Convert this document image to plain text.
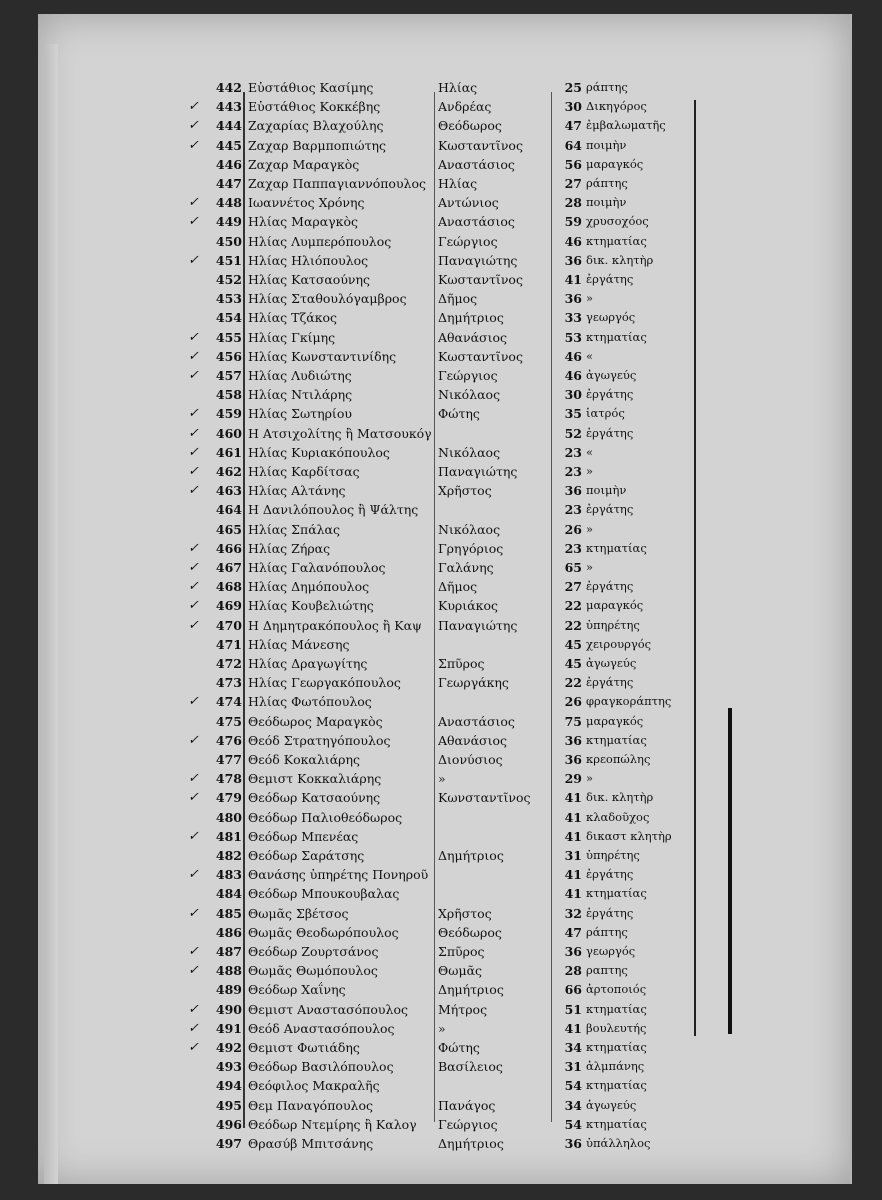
442 Εὐστάθιος Κασίμης	Ηλίας	25 ράπτης
✓	443 Εὐστάθιος Κοκκέβης	Ανδρέας	30 Δικηγόρος
✓	444 Ζαχαρίας Βλαχούλης	Θεόδωρος	47 ἐμβαλωματῆς
✓	445 Ζαχαρ Βαρμποπιώτης	Κωσταντῖνος	64 ποιμὴν
446 Ζαχαρ Μαραγκὸς	Αναστάσιος	56 μαραγκός
447 Ζαχαρ Παππαγιαννόπουλος Ηλίας	27 ράπτης
✓	448 Ιωαννέτος Χρόνης	Αντώνιος	28 ποιμὴν
✓	449 Ηλίας Μαραγκὸς	Αναστάσιος	59 χρυσοχόος
450 Ηλίας Λυμπερόπουλος	Γεώργιος	46 κτηματίας
✓	451 Ηλίας Ηλιόπουλος	Παναγιώτης	36 δικ. κλητὴρ
452 Ηλίας Κατσαούνης	Κωσταντῖνος	41 ἐργάτης
453 Ηλίας Σταθουλόγαμβρος	Δῆμος	36 »
454 Ηλίας Τζάκος	Δημήτριος	33 γεωργός
✓	455 Ηλίας Γκίμης	Αθανάσιος	53 κτηματίας
✓	456 Ηλίας Κωνσταντινίδης	Κωσταντῖνος	46 «
✓	457 Ηλίας Λυδιώτης	Γεώργιος	46 ἀγωγεύς
458 Ηλίας Ντιλάρης	Νικόλαος	30 ἐργάτης
✓	459 Ηλίας Σωτηρίου	Φώτης	35 ἰατρός
✓	460 Η Ατσιχολίτης ἢ Ματσουκόγ	52 ἐργάτης
✓	461 Ηλίας Κυριακόπουλος	Νικόλαος	23 «
✓	462 Ηλίας Καρδίτσας	Παναγιώτης	23 »
✓	463 Ηλίας Αλτάνης	Χρῆστος	36 ποιμὴν
464 Η Δανιλόπουλος ἢ Ψάλτης	23 ἐργάτης
465 Ηλίας Σπάλας	Νικόλαος	26 »
✓	466 Ηλίας Ζήρας	Γρηγόριος	23 κτηματίας
✓	467 Ηλίας Γαλανόπουλος	Γαλάνης	65 »
✓	468 Ηλίας Δημόπουλος	Δῆμος	27 ἐργάτης
✓	469 Ηλίας Κουβελιώτης	Κυριάκος	22 μαραγκός
✓	470 Η Δημητρακόπουλος ἢ Καψ	Παναγιώτης	22 ὑπηρέτης
471 Ηλίας Μάνεσης	45 χειρουργός
472 Ηλίας Δραγωγίτης	Σπῦρος	45 ἀγωγεύς
473 Ηλίας Γεωργακόπουλος	Γεωργάκης	22 ἐργάτης
✓	474 Ηλίας Φωτόπουλος	26 φραγκοράπτης
475 Θεόδωρος Μαραγκὸς	Αναστάσιος	75 μαραγκός
✓	476 Θεόδ Στρατηγόπουλος	Αθανάσιος	36 κτηματίας
477 Θεόδ Κοκαλιάρης	Διονύσιος	36 κρεοπώλης
✓	478 Θεμιστ Κοκκαλιάρης	»	29 »
✓	479 Θεόδωρ Κατσαούνης	Κωνσταντῖνος	41 δικ. κλητὴρ
480 Θεόδωρ Παλιοθεόδωρος	41 κλαδοῦχος
✓	481 Θεόδωρ Μπενέας	41 δικαστ κλητὴρ
482 Θεόδωρ Σαράτσης	Δημήτριος	31 ὑπηρέτης
✓	483 Θανάσης ὑπηρέτης Πονηροῦ	41 ἐργάτης
484 Θεόδωρ Μπουκουβαλας	41 κτηματίας
✓	485 Θωμᾶς Σβέτσος	Χρῆστος	32 ἐργάτης
486 Θωμᾶς Θεοδωρόπουλος	Θεόδωρος	47 ράπτης
✓	487 Θεόδωρ Ζουρτσάνος	Σπῦρος	36 γεωργός
✓	488 Θωμᾶς Θωμόπουλος	Θωμᾶς	28 ραπτης
489 Θεόδωρ Χαΐνης	Δημήτριος	66 ἀρτοποιός
✓	490 Θεμιστ Αναστασόπουλος	Μήτρος	51 κτηματίας
✓	491 Θεόδ Αναστασόπουλος	»	41 βουλευτής
✓	492 Θεμιστ Φωτιάδης	Φώτης	34 κτηματίας
493 Θεόδωρ Βασιλόπουλος	Βασίλειος	31 ἀλμπάνης
494 Θεόφιλος Μακραλῆς	54 κτηματίας
495 Θεμ Παναγόπουλος	Πανάγος	34 ἀγωγεύς
496 Θεόδωρ Ντεμίρης ἢ Καλογ	Γεώργιος	54 κτηματίας
497 Θρασύβ Μπιτσάνης	Δημήτριος	36 ὑπάλληλος
